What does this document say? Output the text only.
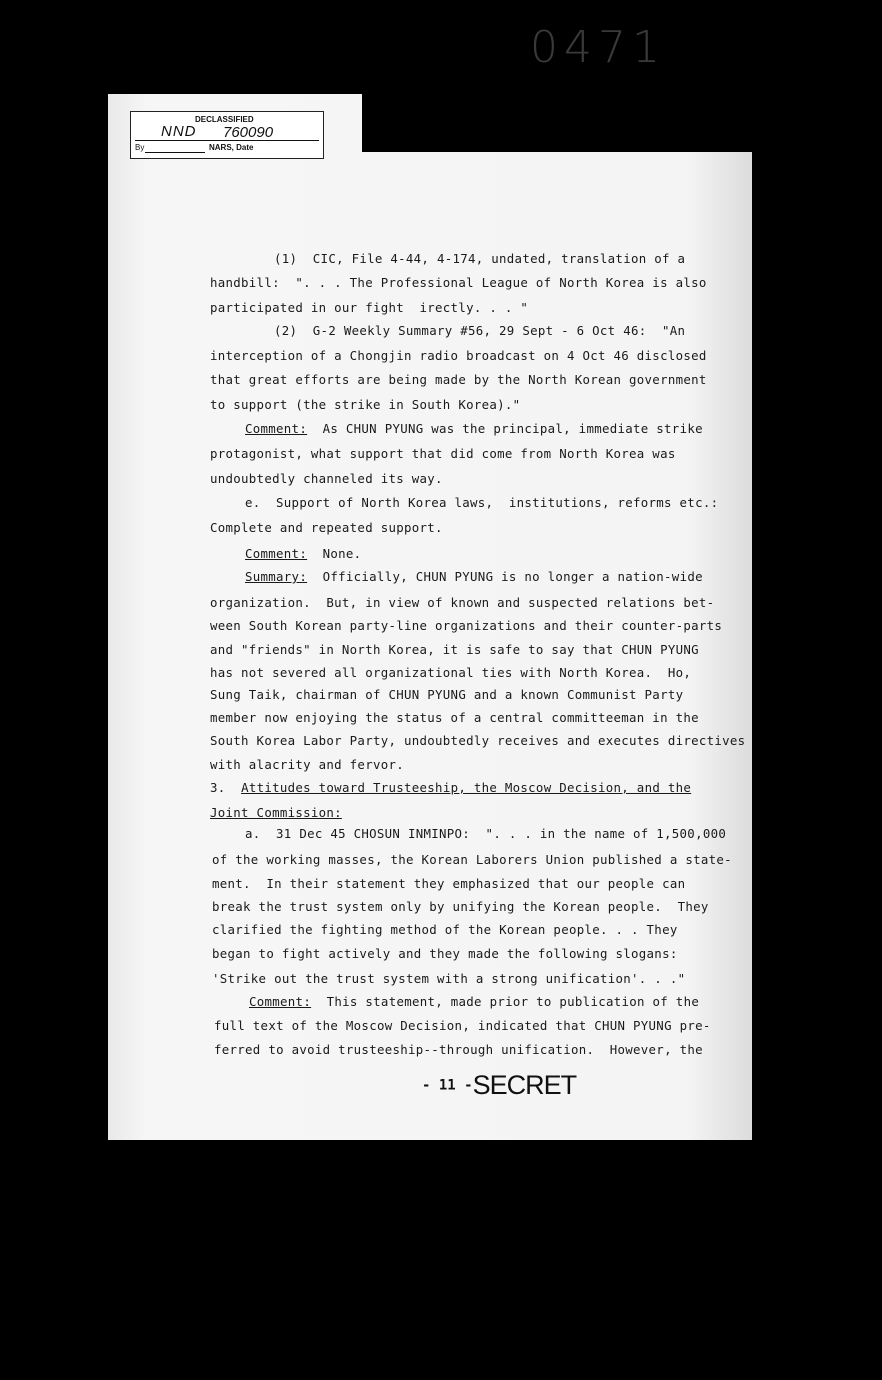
0471
DECLASSIFIED
NND 760090
By	NARS, Date
(1)  CIC, File 4-44, 4-174, undated, translation of a
handbill:  ". . . The Professional League of North Korea is also
participated in our fight  irectly. . . "
(2)  G-2 Weekly Summary #56, 29 Sept - 6 Oct 46:  "An
interception of a Chongjin radio broadcast on 4 Oct 46 disclosed
that great efforts are being made by the North Korean government
to support (the strike in South Korea)."
Comment:  As CHUN PYUNG was the principal, immediate strike
protagonist, what support that did come from North Korea was
undoubtedly channeled its way.
e.  Support of North Korea laws,  institutions, reforms etc.:
Complete and repeated support.
Comment:  None.
Summary:  Officially, CHUN PYUNG is no longer a nation-wide
organization.  But, in view of known and suspected relations bet-
ween South Korean party-line organizations and their counter-parts
and "friends" in North Korea, it is safe to say that CHUN PYUNG
has not severed all organizational ties with North Korea.  Ho,
Sung Taik, chairman of CHUN PYUNG and a known Communist Party
member now enjoying the status of a central committeeman in the
South Korea Labor Party, undoubtedly receives and executes directives
with alacrity and fervor.
3. Attitudes toward Trusteeship, the Moscow Decision, and the
Joint Commission:
a.  31 Dec 45 CHOSUN INMINPO:  ". . . in the name of 1,500,000
of the working masses, the Korean Laborers Union published a state-
ment.  In their statement they emphasized that our people can
break the trust system only by unifying the Korean people.  They
clarified the fighting method of the Korean people. . . They
began to fight actively and they made the following slogans:
'Strike out the trust system with a strong unification'. . ."
Comment:  This statement, made prior to publication of the
full text of the Moscow Decision, indicated that CHUN PYUNG pre-
ferred to avoid trusteeship--through unification.  However, the
- 11 -SECRET
